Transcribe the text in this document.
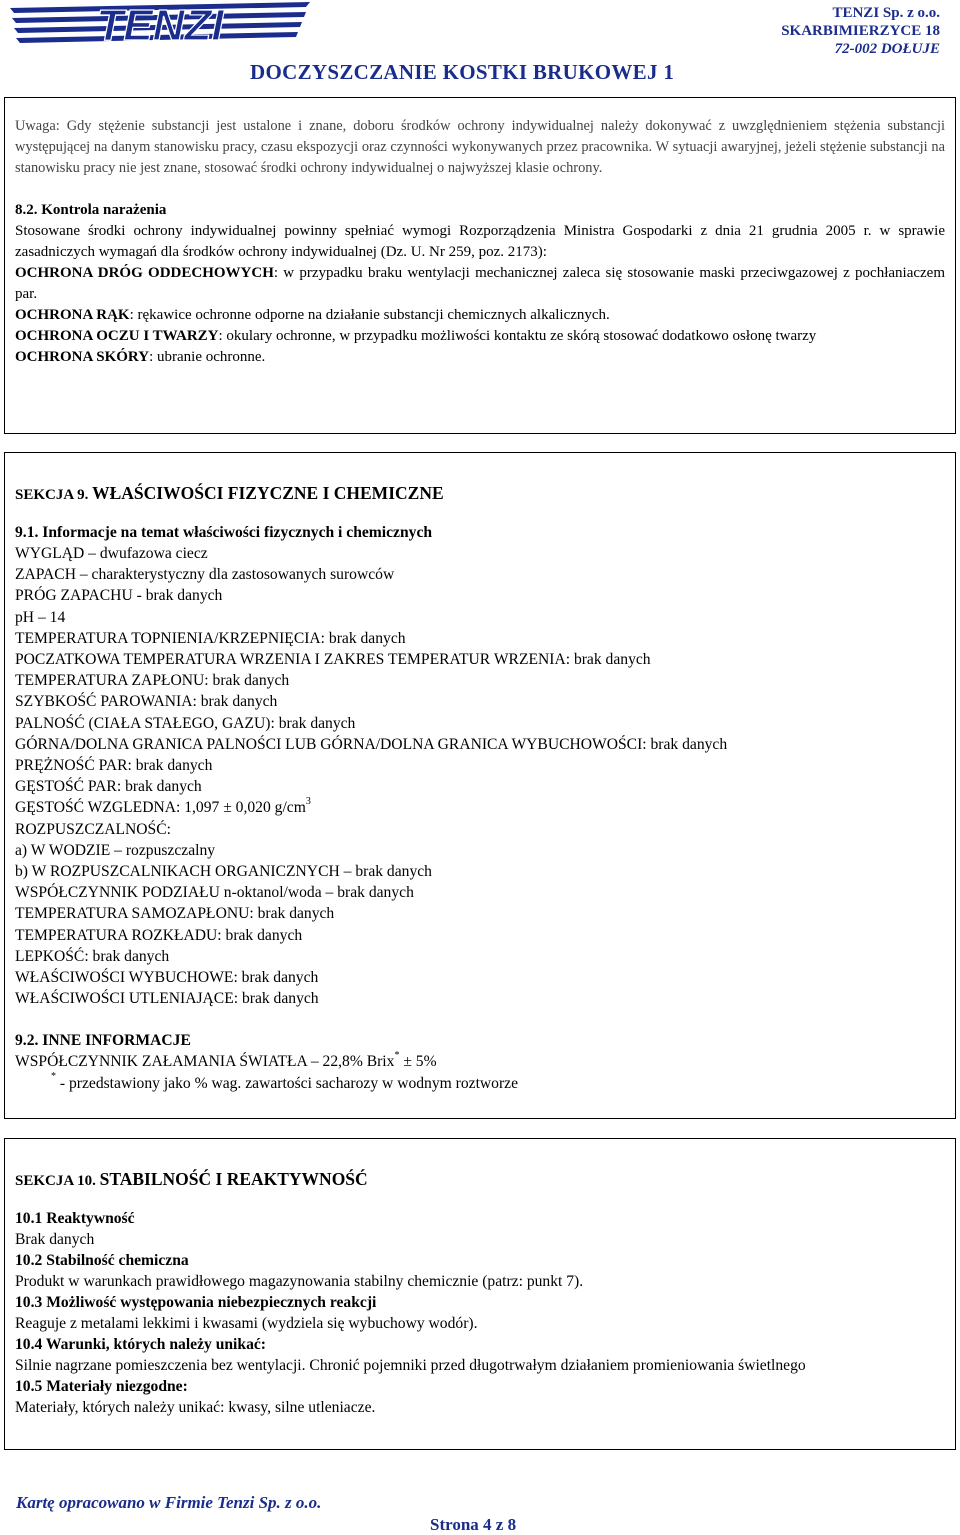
TENZI	TENZI Sp. z o.o.
SKARBIMIERZYCE 18
72-002 DOŁUJE
DOCZYSZCZANIE KOSTKI BRUKOWEJ 1

Uwaga: Gdy stężenie substancji jest ustalone i znane, doboru środków ochrony indywidualnej należy dokonywać z uwzględnieniem stężenia substancji występującej na danym stanowisku pracy, czasu ekspozycji oraz czynności wykonywanych przez pracownika. W sytuacji awaryjnej, jeżeli stężenie substancji na stanowisku pracy nie jest znane, stosować środki ochrony indywidualnej o najwyższej klasie ochrony.

8.2. Kontrola narażenia

Stosowane środki ochrony indywidualnej powinny spełniać wymogi Rozporządzenia Ministra Gospodarki z dnia 21 grudnia 2005 r. w sprawie zasadniczych wymagań dla środków ochrony indywidualnej (Dz. U. Nr 259, poz. 2173):

OCHRONA DRÓG ODDECHOWYCH: w przypadku braku wentylacji mechanicznej zaleca się stosowanie maski przeciwgazowej z pochłaniaczem par.

OCHRONA RĄK: rękawice ochronne odporne na działanie substancji chemicznych alkalicznych.

OCHRONA OCZU I TWARZY: okulary ochronne, w przypadku możliwości kontaktu ze skórą stosować dodatkowo osłonę twarzy

OCHRONA SKÓRY: ubranie ochronne.

SEKCJA 9. WŁAŚCIWOŚCI FIZYCZNE I CHEMICZNE
9.1. Informacje na temat właściwości fizycznych i chemicznych
WYGLĄD – dwufazowa ciecz
ZAPACH – charakterystyczny dla zastosowanych surowców
PRÓG ZAPACHU - brak danych
pH – 14
TEMPERATURA TOPNIENIA/KRZEPNIĘCIA: brak danych
POCZATKOWA TEMPERATURA WRZENIA I ZAKRES TEMPERATUR WRZENIA: brak danych
TEMPERATURA ZAPŁONU: brak danych
SZYBKOŚĆ PAROWANIA: brak danych
PALNOŚĆ (CIAŁA STAŁEGO, GAZU): brak danych
GÓRNA/DOLNA GRANICA PALNOŚCI LUB GÓRNA/DOLNA GRANICA WYBUCHOWOŚCI: brak danych
PRĘŻNOŚĆ PAR: brak danych
GĘSTOŚĆ PAR: brak danych
GĘSTOŚĆ WZGLEDNA: 1,097 ± 0,020 $g/cm^3$
ROZPUSZCZALNOŚĆ:
a) W WODZIE – rozpuszczalny
b) W ROZPUSZCALNIKACH ORGANICZNYCH – brak danych
WSPÓŁCZYNNIK PODZIAŁU n-oktanol/woda – brak danych
TEMPERATURA SAMOZAPŁONU: brak danych
TEMPERATURA ROZKŁADU: brak danych
LEPKOŚĆ: brak danych
WŁAŚCIWOŚCI WYBUCHOWE: brak danych
WŁAŚCIWOŚCI UTLENIAJĄCE: brak danych
9.2. INNE INFORMACJE
WSPÓŁCZYNNIK ZAŁAMANIA ŚWIATŁA – 22,8% Brix* ± 5%
* - przedstawiony jako % wag. zawartości sacharozy w wodnym roztworze
SEKCJA 10. STABILNOŚĆ I REAKTYWNOŚĆ
10.1 Reaktywność
Brak danych
10.2 Stabilność chemiczna
Produkt w warunkach prawidłowego magazynowania stabilny chemicznie (patrz: punkt 7).
10.3 Możliwość występowania niebezpiecznych reakcji
Reaguje z metalami lekkimi i kwasami (wydziela się wybuchowy wodór).
10.4 Warunki, których należy unikać:
Silnie nagrzane pomieszczenia bez wentylacji. Chronić pojemniki przed długotrwałym działaniem promieniowania świetlnego
10.5 Materiały niezgodne:
Materiały, których należy unikać: kwasy, silne utleniacze.
Kartę opracowano w Firmie Tenzi Sp. z o.o.
Strona 4 z 8
